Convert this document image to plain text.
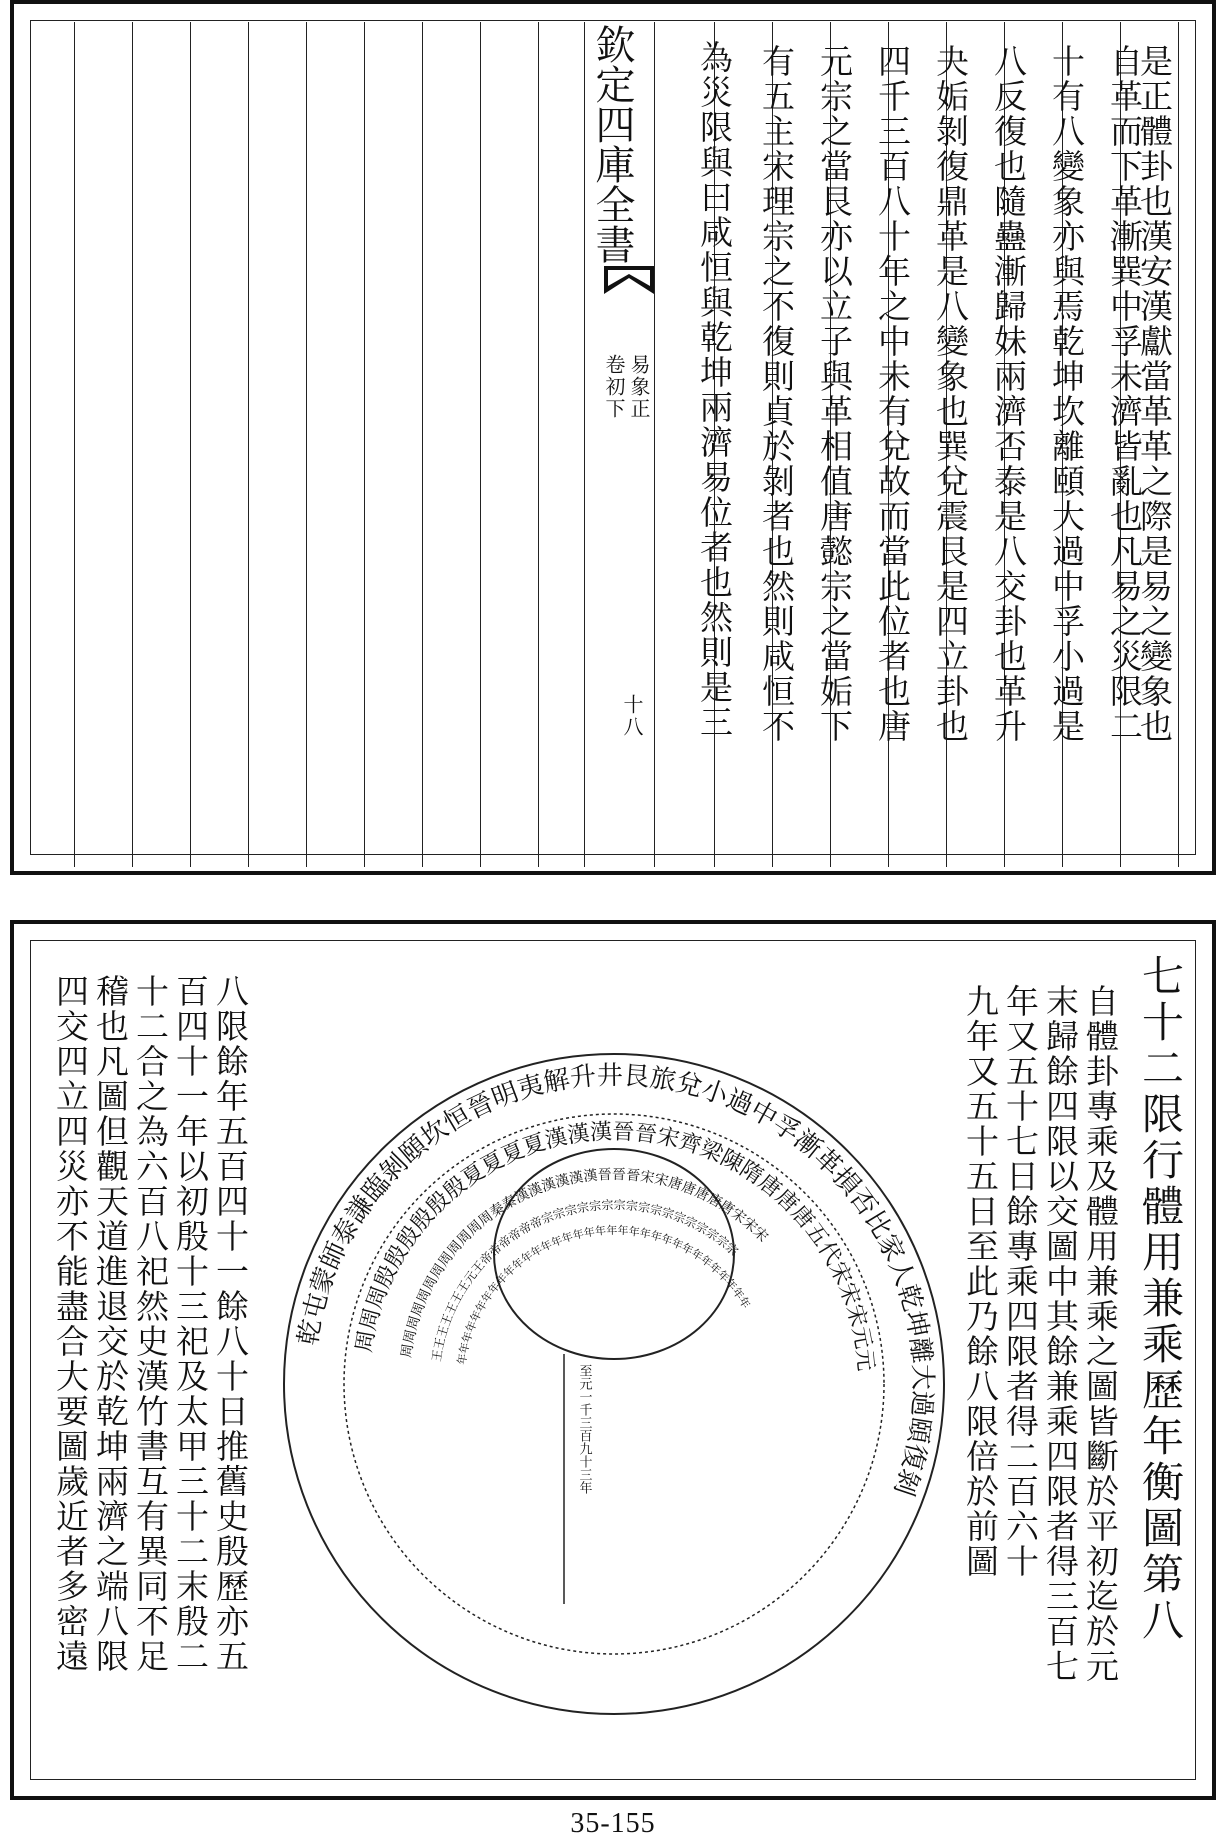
欽定四庫全書
易象正
卷初下
十八	是正體卦也漢安漢獻當革革之際是易之變象也
自革而下革漸巽中孚未濟皆亂也凡易之災限二
十有八變象亦與焉乾坤坎離頤大過中孚小過是
八反復也隨蠱漸歸妹兩濟否泰是八交卦也革升
夬姤剝復鼎革是八變象也巽兌震艮是四立卦也
四千三百八十年之中未有兌故而當此位者也唐
元宗之當艮亦以立子與革相值唐懿宗之當姤下
有五主宋理宗之不復則貞於剝者也然則咸恒不
為災限與曰咸恒與乾坤兩濟易位者也然則是三
七十二限行體用兼乘歷年衡圖第八
自體卦專乘及體用兼乘之圖皆斷於平初迄於元
末歸餘四限以交圖中其餘兼乘四限者得三百七
年又五十七日餘專乘四限者得二百六十
九年又五十五日至此乃餘八限倍於前圖
八限餘年五百四十一餘八十日推舊史殷歷亦五
百四十一年以初殷十三祀及太甲三十二末殷二
十二合之為六百八祀然史漢竹書互有異同不足
稽也凡圖但觀天道進退交於乾坤兩濟之端八限
四交四立四災亦不能盡合大要圖歲近者多密遠	乾屯蒙師泰謙臨剝頤坎恒晉明夷解升井艮旅兌小過中孚漸革損否比家人乾坤離大過頤復剝
周周周殷殷殷殷殷殷夏夏夏夏漢漢漢晉晉宋齊梁陳隋唐唐唐五代宋宋宋元元
周周周周周周周周周周周周秦秦漢漢漢漢漢漢晉晉晉宋宋唐唐唐唐唐宋宋宋
王王王王王王王元王帝帝帝帝帝帝宗宗宗宗宗宗宗宗宗宗宗宗宗宗宗宗宗
年年年年年年年年年年年年年年年年年年年年年年年年年年年年年年年年年年
至元一千三百九十三年
35-155
